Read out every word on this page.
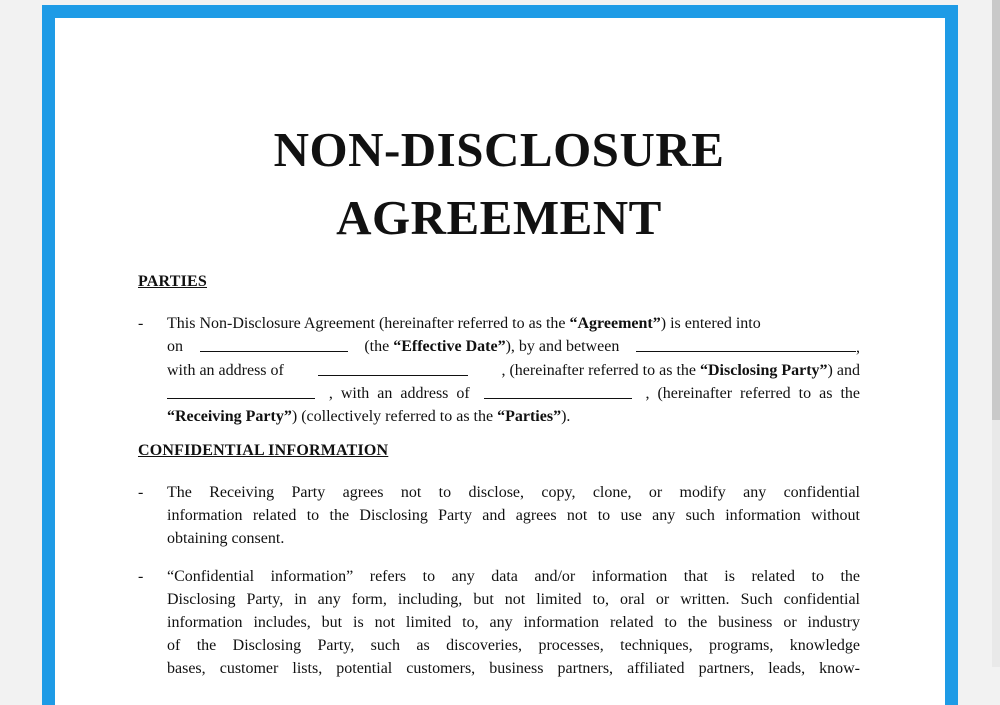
NON-DISCLOSURE
AGREEMENT
PARTIES
- This Non-Disclosure Agreement (hereinafter referred to as the “Agreement”) is entered into
on	(the “Effective Date”), by and between	,
with an address of	, (hereinafter referred to as the “Disclosing Party”) and
,  with  an  address  of	,  (hereinafter  referred  to  as  the
“Receiving Party”) (collectively referred to as the “Parties”).
CONFIDENTIAL INFORMATION
- The Receiving Party agrees not to disclose, copy, clone, or modify any confidential
information related to the Disclosing Party and agrees not to use any such information without
obtaining consent.
- “Confidential information” refers to any data and/or information that is related to the
Disclosing Party, in any form, including, but not limited to, oral or written. Such confidential
information includes, but is not limited to, any information related to the business or industry
of the Disclosing Party, such as discoveries, processes, techniques, programs, knowledge
bases, customer lists, potential customers, business partners, affiliated partners, leads, know-
